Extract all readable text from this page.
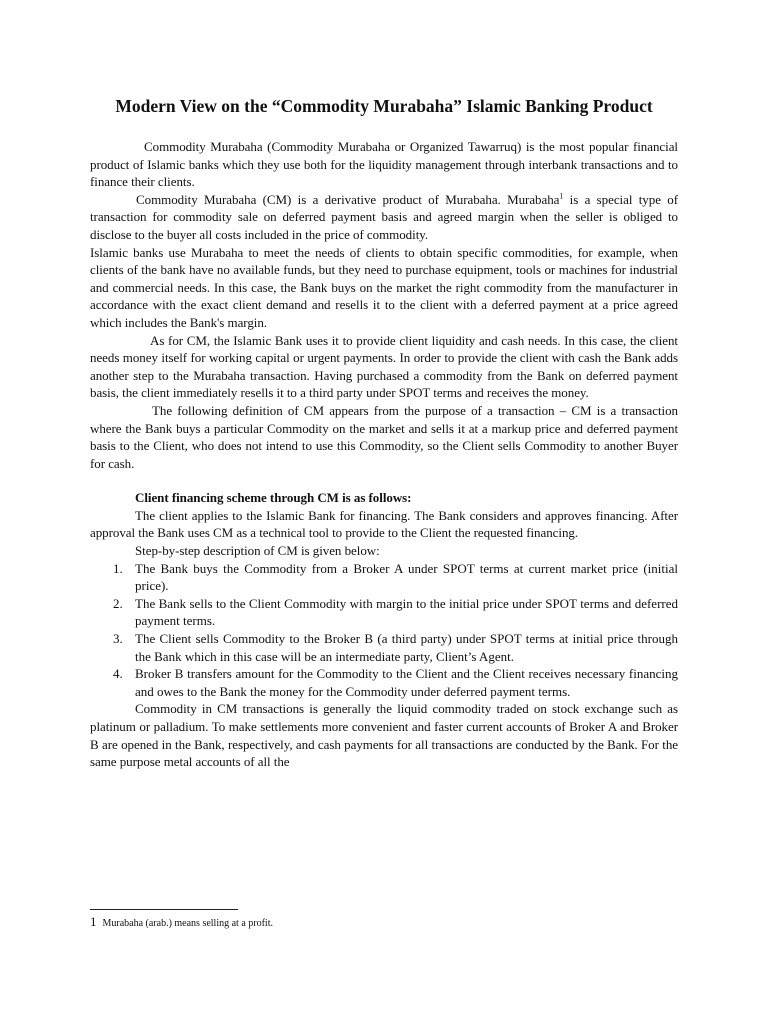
Modern View on the “Commodity Murabaha” Islamic Banking Product

Commodity Murabaha (Commodity Murabaha or Organized Tawarruq) is the most popular financial product of Islamic banks which they use both for the liquidity management through interbank transactions and to finance their clients.

Commodity Murabaha (CM) is a derivative product of Murabaha. Murabaha$^1$ is a special type of transaction for commodity sale on deferred payment basis and agreed margin when the seller is obliged to disclose to the buyer all costs included in the price of commodity.

Islamic banks use Murabaha to meet the needs of clients to obtain specific commodities, for example, when clients of the bank have no available funds, but they need to purchase equipment, tools or machines for industrial and commercial needs. In this case, the Bank buys on the market the right commodity from the manufacturer in accordance with the exact client demand and resells it to the client with a deferred payment at a price agreed which includes the Bank's margin.

As for CM, the Islamic Bank uses it to provide client liquidity and cash needs. In this case, the client needs money itself for working capital or urgent payments. In order to provide the client with cash the Bank adds another step to the Murabaha transaction. Having purchased a commodity from the Bank on deferred payment basis, the client immediately resells it to a third party under SPOT terms and receives the money.

The following definition of CM appears from the purpose of a transaction – CM is a transaction where the Bank buys a particular Commodity on the market and sells it at a markup price and deferred payment basis to the Client, who does not intend to use this Commodity, so the Client sells Commodity to another Buyer for cash.

Client financing scheme through CM is as follows:

The client applies to the Islamic Bank for financing. The Bank considers and approves financing. After approval the Bank uses CM as a technical tool to provide to the Client the requested financing.

Step-by-step description of CM is given below:

1. The Bank buys the Commodity from a Broker A under SPOT terms at current market price (initial price).
2. The Bank sells to the Client Commodity with margin to the initial price under SPOT terms and deferred payment terms.
3. The Client sells Commodity to the Broker B (a third party) under SPOT terms at initial price through the Bank which in this case will be an intermediate party, Client’s Agent.
4. Broker B transfers amount for the Commodity to the Client and the Client receives necessary financing and owes to the Bank the money for the Commodity under deferred payment terms.

Commodity in CM transactions is generally the liquid commodity traded on stock exchange such as platinum or palladium. To make settlements more convenient and faster current accounts of Broker A and Broker B are opened in the Bank, respectively, and cash payments for all transactions are conducted by the Bank. For the same purpose metal accounts of all the

1 Murabaha (arab.) means selling at a profit.
